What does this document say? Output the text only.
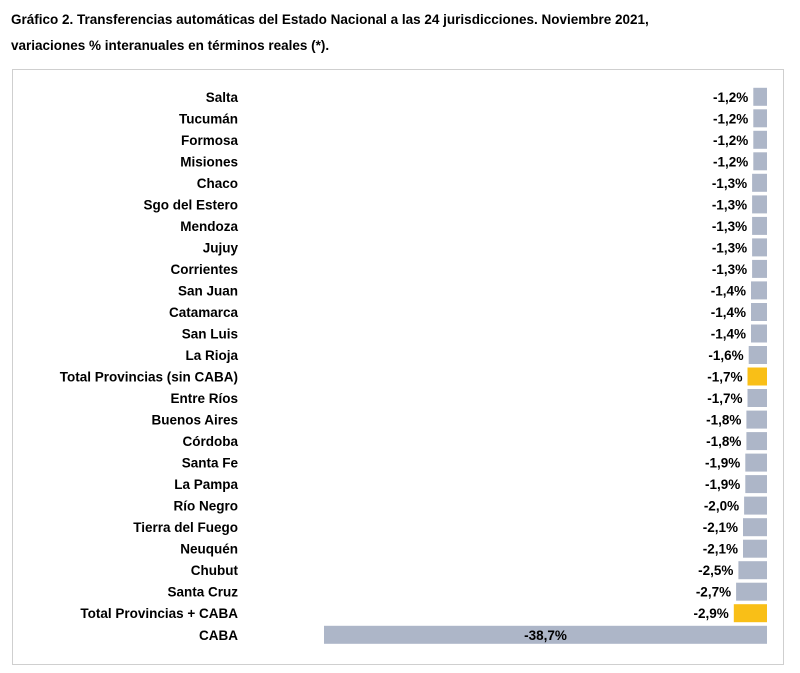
Gráfico 2. Transferencias automáticas del Estado Nacional a las 24 jurisdicciones. Noviembre 2021,
variaciones % interanuales en términos reales (*).
Salta	-1,2%
Tucumán	-1,2%
Formosa	-1,2%
Misiones	-1,2%
Chaco	-1,3%
Sgo del Estero	-1,3%
Mendoza	-1,3%
Jujuy	-1,3%
Corrientes	-1,3%
San Juan	-1,4%
Catamarca	-1,4%
San Luis	-1,4%
La Rioja	-1,6%
Total Provincias (sin CABA)	-1,7%
Entre Ríos	-1,7%
Buenos Aires	-1,8%
Córdoba	-1,8%
Santa Fe	-1,9%
La Pampa	-1,9%
Río Negro	-2,0%
Tierra del Fuego	-2,1%
Neuquén	-2,1%
Chubut	-2,5%
Santa Cruz	-2,7%
Total Provincias + CABA	-2,9%
CABA	-38,7%
